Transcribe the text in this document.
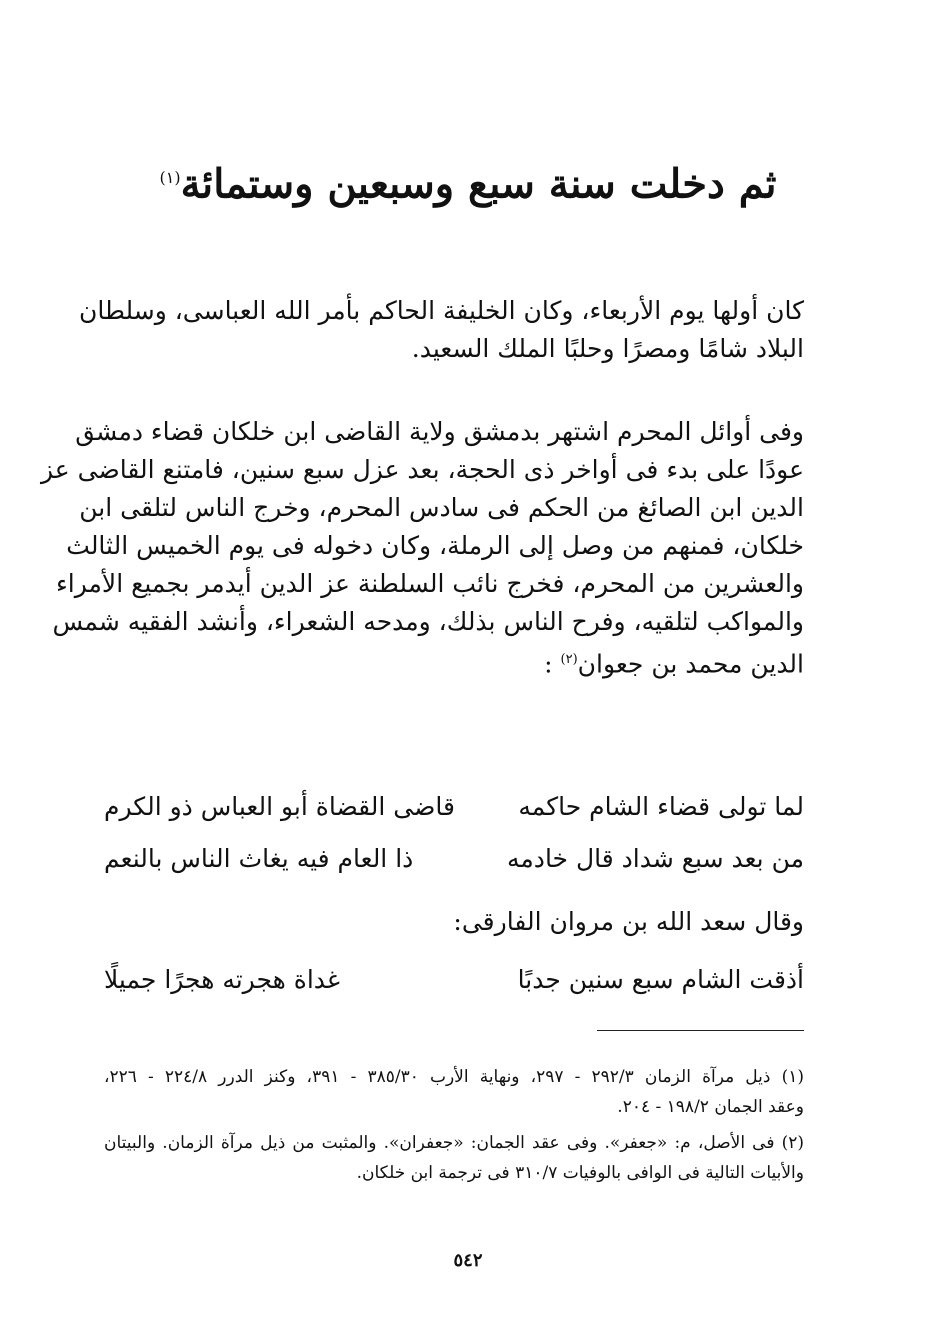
ثم دخلت سنة سبع وسبعين وستمائة$^{(١)}$
كان أولها يوم الأربعاء، وكان الخليفة الحاكم بأمر الله العباسى، وسلطان
البلاد شامًا ومصرًا وحلبًا الملك السعيد.
وفى أوائل المحرم اشتهر بدمشق ولاية القاضى ابن خلكان قضاء دمشق
عودًا على بدء فى أواخر ذى الحجة، بعد عزل سبع سنين، فامتنع القاضى عز
الدين ابن الصائغ من الحكم فى سادس المحرم، وخرج الناس لتلقى ابن
خلكان، فمنهم من وصل إلى الرملة، وكان دخوله فى يوم الخميس الثالث
والعشرين من المحرم، فخرج نائب السلطنة عز الدين أيدمر بجميع الأمراء
والمواكب لتلقيه، وفرح الناس بذلك، ومدحه الشعراء، وأنشد الفقيه شمس
الدين محمد بن جعوان$^{(٢)}$ :
لما تولى قضاء الشام حاكمه
قاضى القضاة أبو العباس ذو الكرم
من بعد سبع شداد قال خادمه
ذا العام فيه يغاث الناس بالنعم
وقال سعد الله بن مروان الفارقى:
أذقت الشام سبع سنين جدبًا
غداة هجرته هجرًا جميلًا
(١) ذيل مرآة الزمان ٢٩٢/٣ - ٢٩٧، ونهاية الأرب ٣٨٥/٣٠ - ٣٩١، وكنز الدرر ٢٢٤/٨ - ٢٢٦،
وعقد الجمان ١٩٨/٢ - ٢٠٤.
(٢) فى الأصل، م: «جعفر». وفى عقد الجمان: «جعفران». والمثبت من ذيل مرآة الزمان. والبيتان
والأبيات التالية فى الوافى بالوفيات ٣١٠/٧ فى ترجمة ابن خلكان.
٥٤٢
